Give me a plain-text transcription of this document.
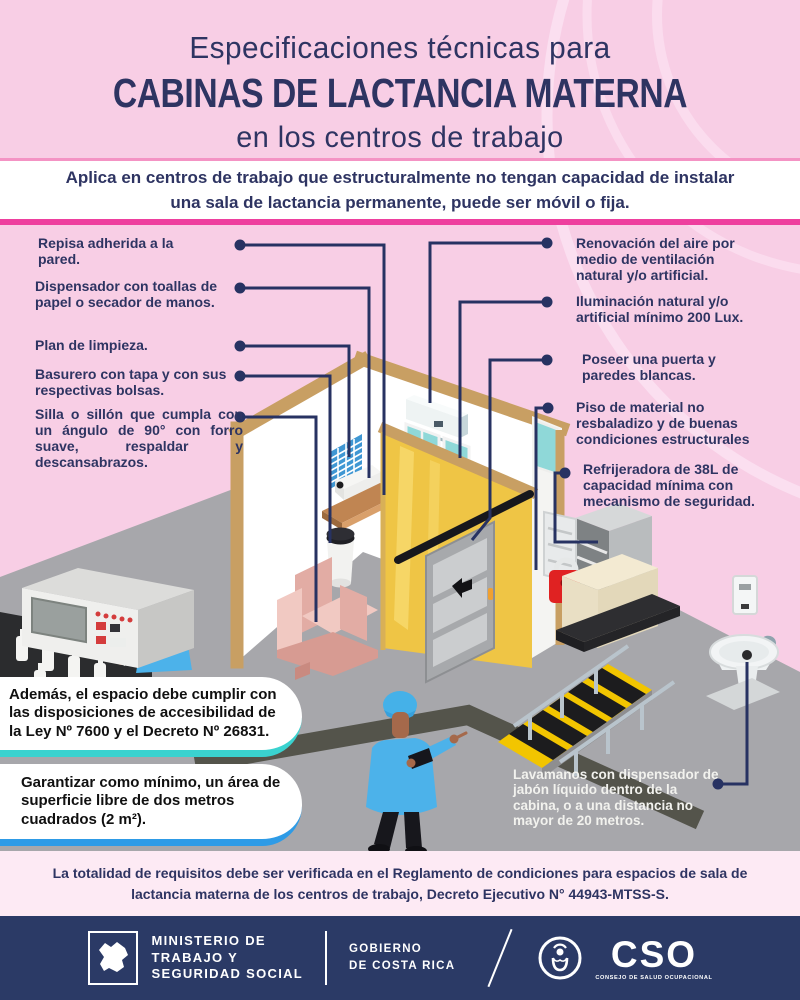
Especificaciones técnicas para
CABINAS DE LACTANCIA MATERNA
en los centros de trabajo

Aplica en centros de trabajo que estructuralmente no tengan capacidad de instalar una sala de lactancia permanente, puede ser móvil o fija.

Repisa adherida a la pared.
Dispensador con toallas de papel o secador de manos.
Plan de limpieza.
Basurero con tapa y con sus respectivas bolsas.
Silla o sillón que cumpla con un ángulo de 90° con forro suave, respaldar y descansabrazos.
Renovación del aire por medio de ventilación natural y/o artificial.
Iluminación natural y/o artificial mínimo 200 Lux.
Poseer una puerta y paredes blancas.
Piso de material no resbaladizo y de buenas condiciones estructurales
Refrijeradora de 38L de capacidad mínima con mecanismo de seguridad.
Lavamanos con dispensador de jabón líquido dentro de la cabina, o a una distancia no mayor de 20 metros.
Además, el espacio debe cumplir con las disposiciones de accesibilidad de la Ley Nº 7600 y el Decreto Nº 26831.
Garantizar como mínimo, un área de superficie libre de dos metros cuadrados (2 m²).

La totalidad de requisitos debe ser verificada en el Reglamento de condiciones para espacios de sala de lactancia materna de los centros de trabajo, Decreto Ejecutivo N° 44943-MTSS-S.

MINISTERIO DE
TRABAJO Y
SEGURIDAD SOCIAL
GOBIERNO
DE COSTA RICA	CSO
CONSEJO DE SALUD OCUPACIONAL
